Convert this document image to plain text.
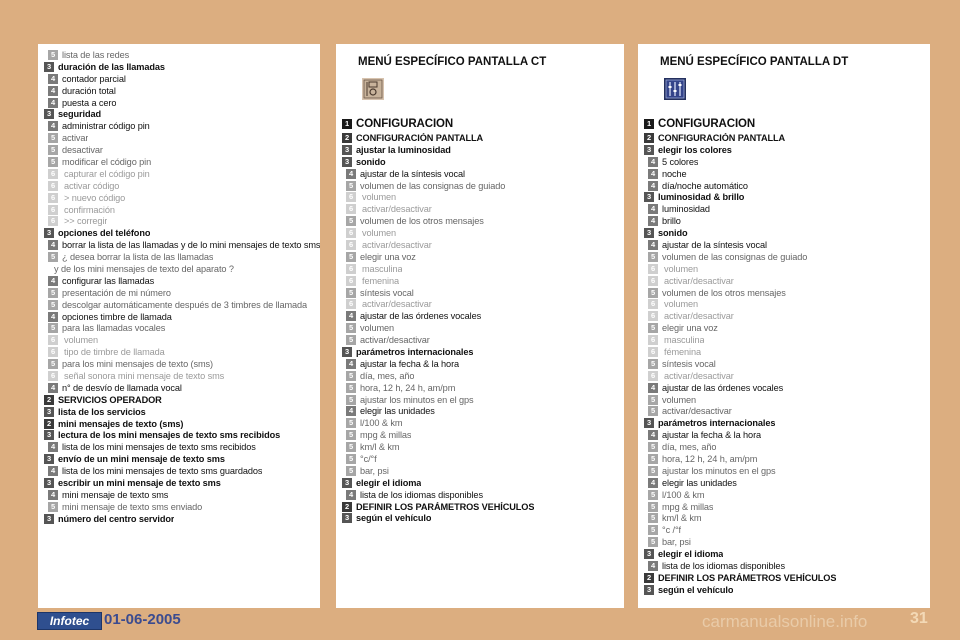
5 lista de las redes
3 duración de las llamadas
4 contador parcial
4 duración total
4 puesta a cero
3 seguridad
4 administrar código pin
5 activar
5 desactivar
5 modificar el código pin
6 capturar el código pin
6 activar código
6 > nuevo código
6 confirmación
6 >> corregir
3 opciones del teléfono
4 borrar la lista de las llamadas y de lo mini mensajes de texto sms
5 ¿ desea borrar la lista de las llamadas
y de los mini mensajes de texto del aparato ?
4 configurar las llamadas
5 presentación de mi número
5 descolgar automáticamente después de 3 timbres de llamada
4 opciones timbre de llamada
5 para las llamadas vocales
6 volumen
6 tipo de timbre de llamada
5 para los mini mensajes de texto (sms)
6 señal sonora mini mensaje de texto sms
4 n° de desvío de llamada vocal
2 SERVICIOS OPERADOR
3 lista de los servicios
2 mini mensajes de texto (sms)
3 lectura de los mini mensajes de texto sms recibidos
4 lista de los mini mensajes de texto sms recibidos
3 envío de un mini mensaje de texto sms
4 lista de los mini mensajes de texto sms guardados
3 escribir un mini mensaje de texto sms
4 mini mensaje de texto sms
5 mini mensaje de texto sms enviado
3 número del centro servidor
MENÚ ESPECÍFICO PANTALLA CT
1 CONFIGURACIÓN
2 CONFIGURACIÓN PANTALLA
3 ajustar la luminosidad
3 sonido
4 ajustar de la síntesis vocal
5 volumen de las consignas de guiado
6 volumen
6 activar/desactivar
5 volumen de los otros mensajes
6 volumen
6 activar/desactivar
5 elegir una voz
6 masculina
6 femenina
5 síntesis vocal
6 activar/desactivar
4 ajustar de las órdenes vocales
5 volumen
5 activar/desactivar
3 parámetros internacionales
4 ajustar la fecha & la hora
5 día, mes, año
5 hora, 12 h, 24 h, am/pm
5 ajustar los minutos en el gps
4 elegir las unidades
5 l/100 & km
5 mpg & millas
5 km/l & km
5 °c/°f
5 bar, psi
3 elegir el idioma
4 lista de los idiomas disponibles
2 DEFINIR LOS PARÁMETROS VEHÍCULOS
3 según el vehículo
MENÚ ESPECÍFICO PANTALLA DT
1 CONFIGURACIÓN
2 CONFIGURACIÓN PANTALLA
3 elegir los colores
4 5 colores
4 noche
4 día/noche automático
3 luminosidad & brillo
4 luminosidad
4 brillo
3 sonido
4 ajustar de la síntesis vocal
5 volumen de las consignas de guiado
6 volumen
6 activar/desactivar
5 volumen de los otros mensajes
6 volumen
6 activar/desactivar
5 elegir una voz
6 masculina
6 fémenina
5 síntesis vocal
6 activar/desactivar
4 ajustar de las órdenes vocales
5 volumen
5 activar/desactivar
3 parámetros internacionales
4 ajustar la fecha & la hora
5 día, mes, año
5 hora, 12 h, 24 h, am/pm
5 ajustar los minutos en el gps
4 elegir las unidades
5 l/100 & km
5 mpg & millas
5 km/l & km
5 °c /°f
5 bar, psi
3 elegir el idioma
4 lista de los idiomas disponibles
2 DEFINIR LOS PARÁMETROS VEHÍCULOS
3 según el vehículo
Infotec 01-06-2005	31
carmanualsonline.info
